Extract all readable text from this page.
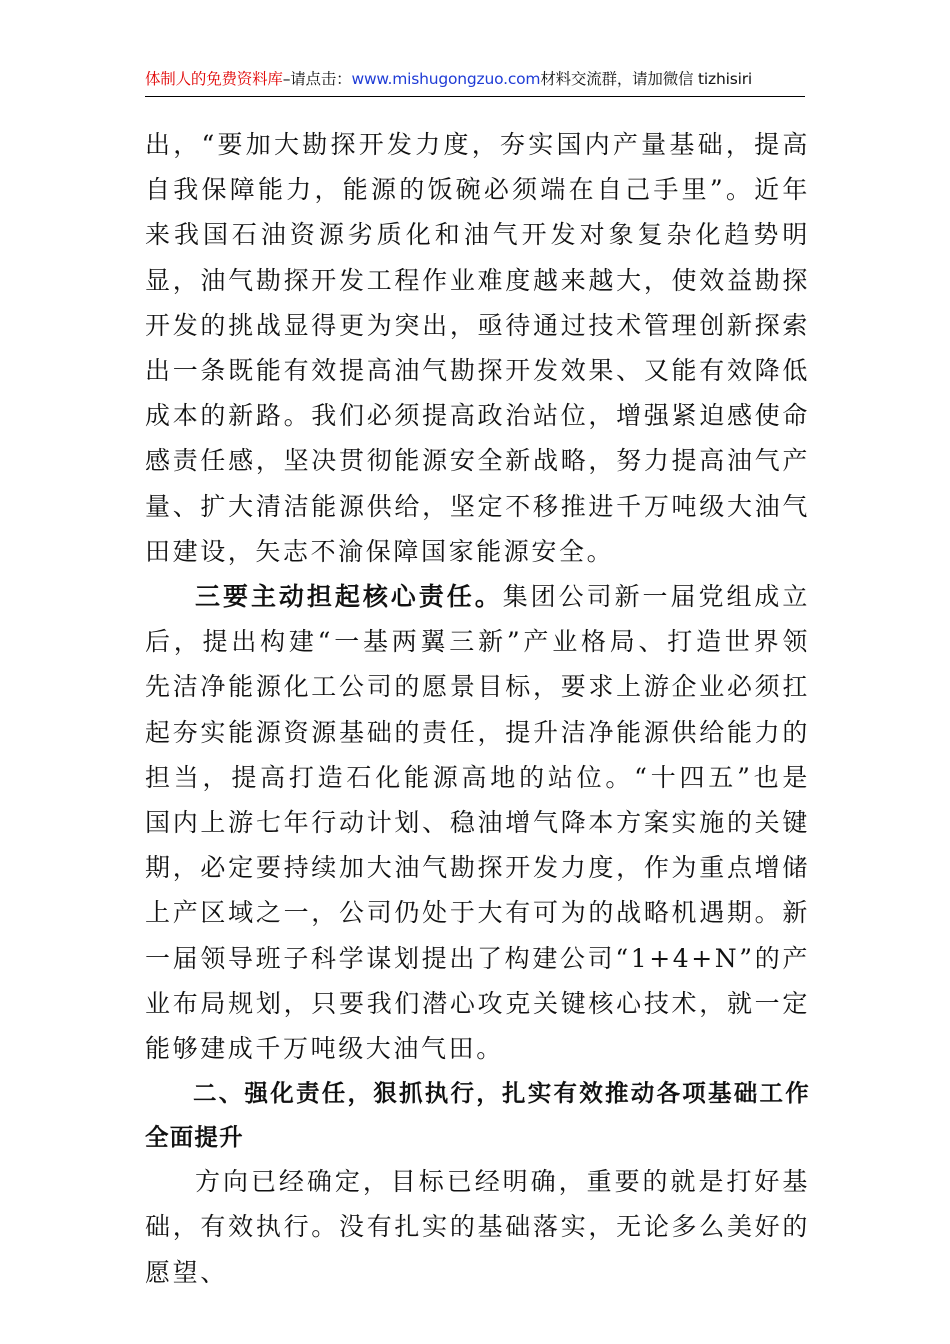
体制人的免费资料库–请点击：www.mishugongzuo.com材料交流群，请加微信 tizhisiri

出，“要加大勘探开发力度，夯实国内产量基础，提高自我保障能力，能源的饭碗必须端在自己手里”。近年来我国石油资源劣质化和油气开发对象复杂化趋势明显，油气勘探开发工程作业难度越来越大，使效益勘探开发的挑战显得更为突出，亟待通过技术管理创新探索出一条既能有效提高油气勘探开发效果、又能有效降低成本的新路。我们必须提高政治站位，增强紧迫感使命感责任感，坚决贯彻能源安全新战略，努力提高油气产量、扩大清洁能源供给，坚定不移推进千万吨级大油气田建设，矢志不渝保障国家能源安全。

三要主动担起核心责任。集团公司新一届党组成立后，提出构建“一基两翼三新”产业格局、打造世界领先洁净能源化工公司的愿景目标，要求上游企业必须扛起夯实能源资源基础的责任，提升洁净能源供给能力的担当，提高打造石化能源高地的站位。“十四五”也是国内上游七年行动计划、稳油增气降本方案实施的关键期，必定要持续加大油气勘探开发力度，作为重点增储上产区域之一，公司仍处于大有可为的战略机遇期。新一届领导班子科学谋划提出了构建公司“1+4+N”的产业布局规划，只要我们潜心攻克关键核心技术，就一定能够建成千万吨级大油气田。

二、强化责任，狠抓执行，扎实有效推动各项基础工作全面提升

方向已经确定，目标已经明确，重要的就是打好基础，有效执行。没有扎实的基础落实，无论多么美好的愿望、
